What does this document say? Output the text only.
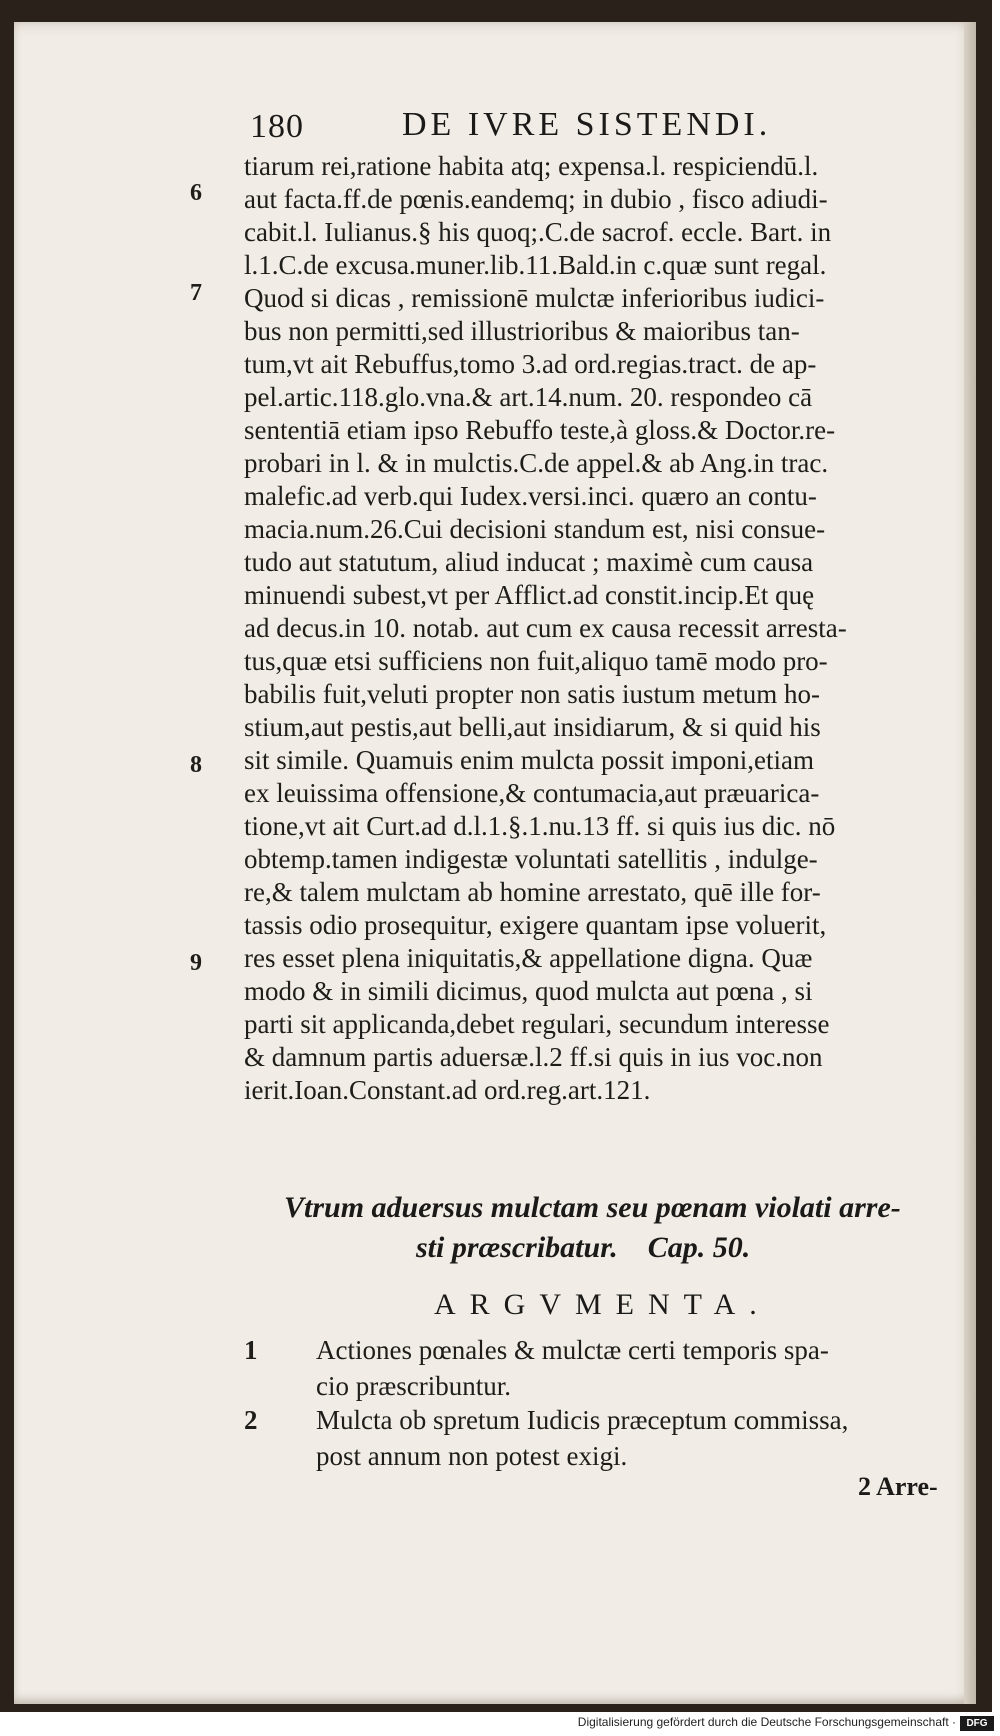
180	DE IVRE SISTENDI.
tiarum rei,ratione habita atq; expensa.l. respiciendū.l.
aut facta.ff.de pœnis.eandemq; in dubio , fisco adiudi-
cabit.l. Iulianus.§ his quoq;.C.de sacrof. eccle. Bart. in
l.1.C.de excusa.muner.lib.11.Bald.in c.quæ sunt regal.
Quod si dicas , remissionē mulctæ inferioribus iudici-
bus non permitti,sed illustrioribus & maioribus tan-
tum,vt ait Rebuffus,tomo 3.ad ord.regias.tract. de ap-
pel.artic.118.glo.vna.& art.14.num. 20. respondeo cā
sententiā etiam ipso Rebuffo teste,à gloss.& Doctor.re-
probari in l. & in mulctis.C.de appel.& ab Ang.in trac.
malefic.ad verb.qui Iudex.versi.inci. quæro an contu-
macia.num.26.Cui decisioni standum est, nisi consue-
tudo aut statutum, aliud inducat ; maximè cum causa
minuendi subest,vt per Afflict.ad constit.incip.Et quę
ad decus.in 10. notab. aut cum ex causa recessit arresta-
tus,quæ etsi sufficiens non fuit,aliquo tamē modo pro-
babilis fuit,veluti propter non satis iustum metum ho-
stium,aut pestis,aut belli,aut insidiarum, & si quid his
sit simile. Quamuis enim mulcta possit imponi,etiam
ex leuissima offensione,& contumacia,aut præuarica-
tione,vt ait Curt.ad d.l.1.§.1.nu.13 ff. si quis ius dic. nō
obtemp.tamen indigestæ voluntati satellitis , indulge-
re,& talem mulctam ab homine arrestato, quē ille for-
tassis odio prosequitur, exigere quantam ipse voluerit,
res esset plena iniquitatis,& appellatione digna. Quæ
modo & in simili dicimus, quod mulcta aut pœna , si
parti sit applicanda,debet regulari, secundum interesse
& damnum partis aduersæ.l.2 ff.si quis in ius voc.non
ierit.Ioan.Constant.ad ord.reg.art.121.
6
7
8
9
Vtrum aduersus mulctam seu pœnam violati arre-
sti præscribatur. Cap. 50.
ARGVMENTA.
1 Actiones pœnales & mulctæ certi temporis spa-
cio præscribuntur.
2 Mulcta ob spretum Iudicis præceptum commissa,
post annum non potest exigi.
2 Arre-
Digitalisierung gefördert durch die Deutsche Forschungsgemeinschaft ·	DFG
